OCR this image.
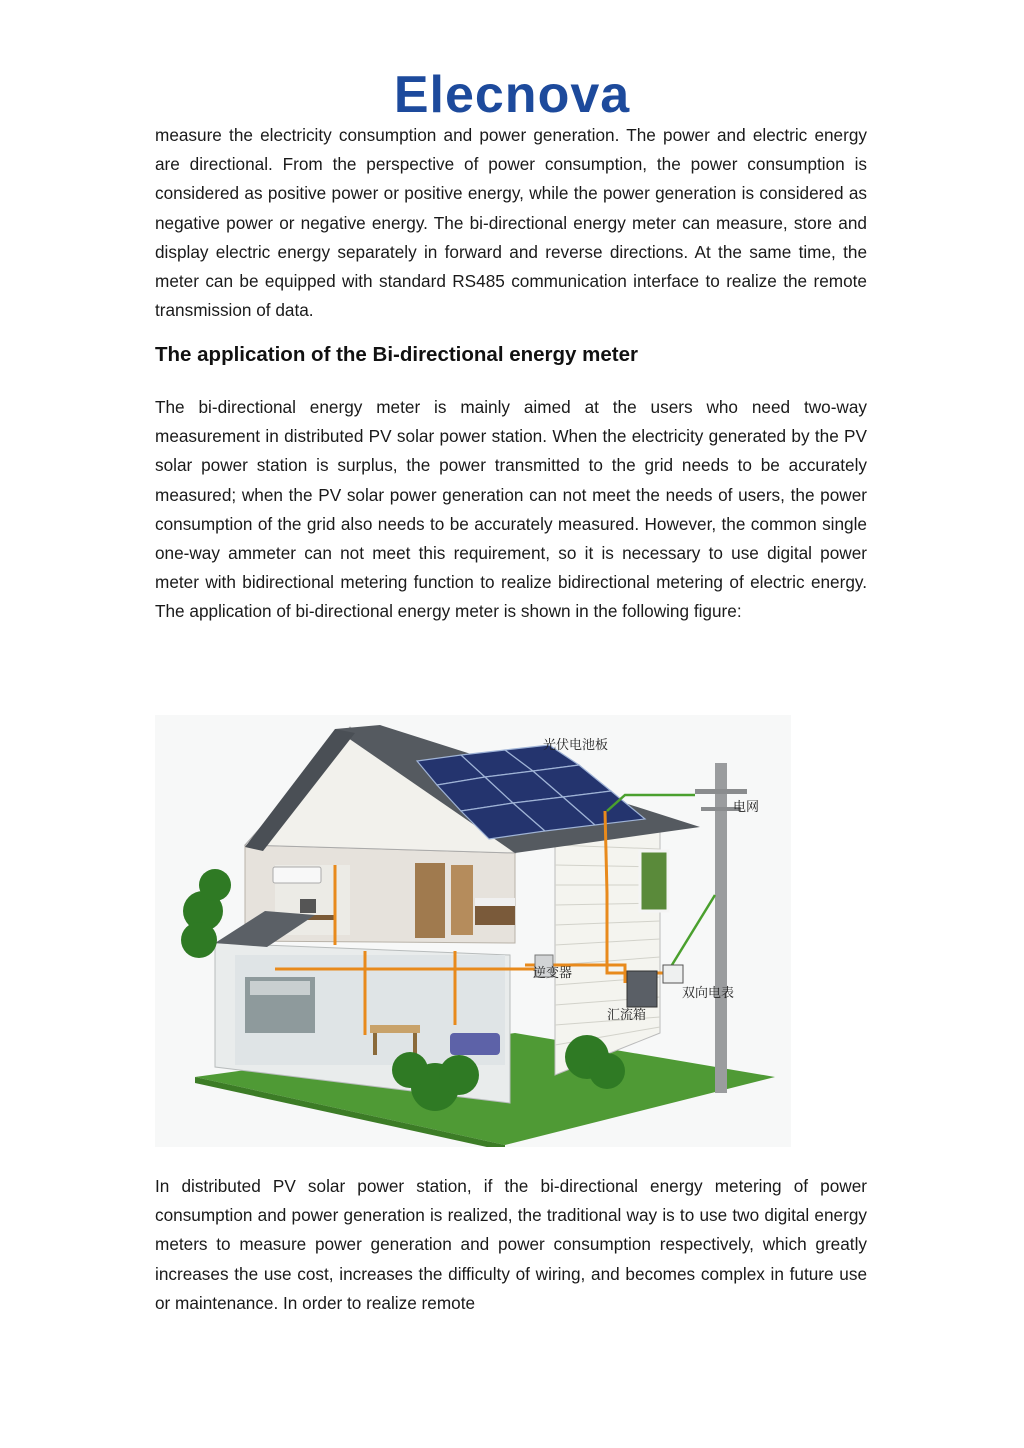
Elecnova

measure the electricity consumption and power generation. The power and electric energy are directional. From the perspective of power consumption, the power consumption is considered as positive power or positive energy, while the power generation is considered as negative power or negative energy. The bi-directional energy meter can measure, store and display electric energy separately in forward and reverse directions. At the same time, the meter can be equipped with standard RS485 communication interface to realize the remote transmission of data.

The application of the Bi-directional energy meter

The bi-directional energy meter is mainly aimed at the users who need two-way measurement in distributed PV solar power station. When the electricity generated by the PV solar power station is surplus, the power transmitted to the grid needs to be accurately measured; when the PV solar power generation can not meet the needs of users, the power consumption of the grid also needs to be accurately measured. However, the common single one-way ammeter can not meet this requirement, so it is necessary to use digital power meter with bidirectional metering function to realize bidirectional metering of electric energy. The application of bi-directional energy meter is shown in the following figure:

光伏电池板
电网
逆变器
双向电表
汇流箱

In distributed PV solar power station, if the bi-directional energy metering of power consumption and power generation is realized, the traditional way is to use two digital energy meters to measure power generation and power consumption respectively, which greatly increases the use cost, increases the difficulty of wiring, and becomes complex in future use or maintenance. In order to realize remote
